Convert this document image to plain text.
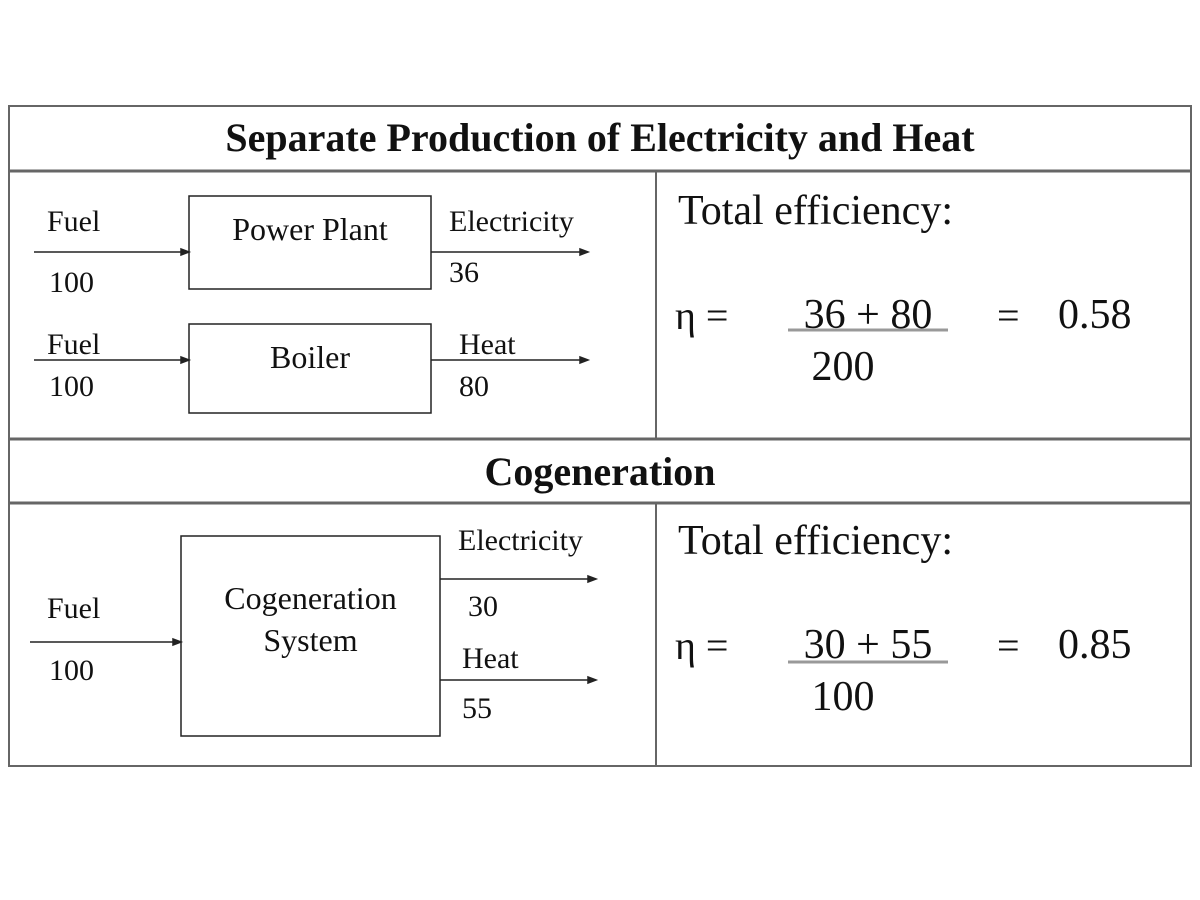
Separate Production of Electricity and Heat
Fuel
100
Power Plant	Electricity
36
Fuel
100
Boiler	Heat
80
Total efficiency:
η =	36 + 80
200
= 0.58
Cogeneration
Fuel
100
Cogeneration
System
Electricity
30
Heat
55
Total efficiency:
η =	30 + 55
100
= 0.85
